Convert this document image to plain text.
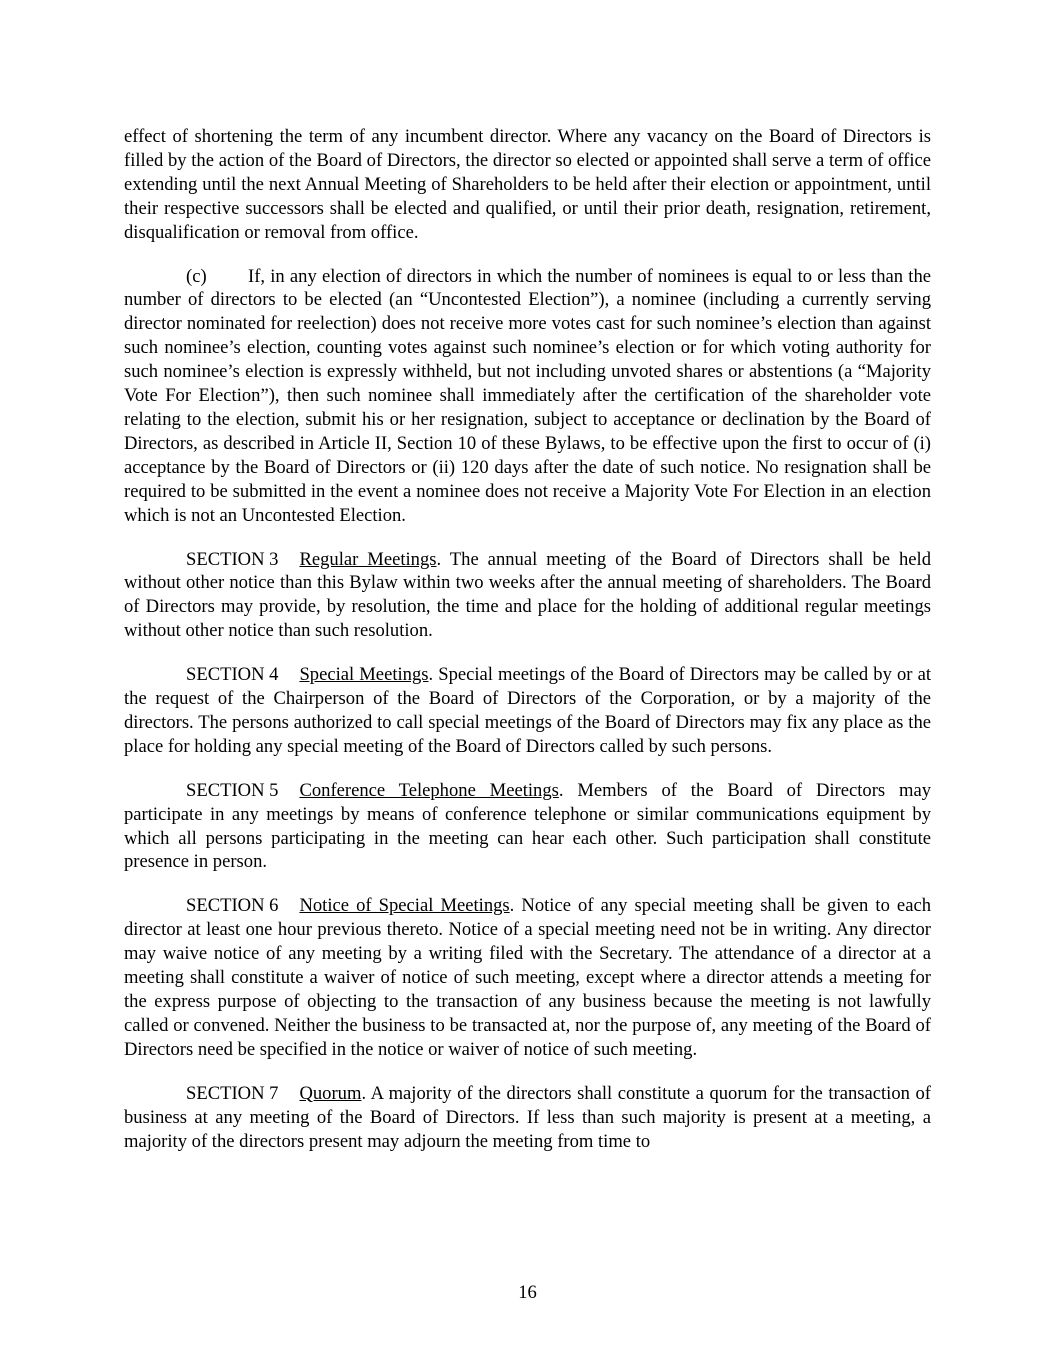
effect of shortening the term of any incumbent director. Where any vacancy on the Board of Directors is filled by the action of the Board of Directors, the director so elected or appointed shall serve a term of office extending until the next Annual Meeting of Shareholders to be held after their election or appointment, until their respective successors shall be elected and qualified, or until their prior death, resignation, retirement, disqualification or removal from office.

(c) If, in any election of directors in which the number of nominees is equal to or less than the number of directors to be elected (an “Uncontested Election”), a nominee (including a currently serving director nominated for reelection) does not receive more votes cast for such nominee’s election than against such nominee’s election, counting votes against such nominee’s election or for which voting authority for such nominee’s election is expressly withheld, but not including unvoted shares or abstentions (a “Majority Vote For Election”), then such nominee shall immediately after the certification of the shareholder vote relating to the election, submit his or her resignation, subject to acceptance or declination by the Board of Directors, as described in Article II, Section 10 of these Bylaws, to be effective upon the first to occur of (i) acceptance by the Board of Directors or (ii) 120 days after the date of such notice. No resignation shall be required to be submitted in the event a nominee does not receive a Majority Vote For Election in an election which is not an Uncontested Election.

SECTION 3 Regular Meetings. The annual meeting of the Board of Directors shall be held without other notice than this Bylaw within two weeks after the annual meeting of shareholders. The Board of Directors may provide, by resolution, the time and place for the holding of additional regular meetings without other notice than such resolution.

SECTION 4 Special Meetings. Special meetings of the Board of Directors may be called by or at the request of the Chairperson of the Board of Directors of the Corporation, or by a majority of the directors. The persons authorized to call special meetings of the Board of Directors may fix any place as the place for holding any special meeting of the Board of Directors called by such persons.

SECTION 5 Conference Telephone Meetings. Members of the Board of Directors may participate in any meetings by means of conference telephone or similar communications equipment by which all persons participating in the meeting can hear each other. Such participation shall constitute presence in person.

SECTION 6 Notice of Special Meetings. Notice of any special meeting shall be given to each director at least one hour previous thereto. Notice of a special meeting need not be in writing. Any director may waive notice of any meeting by a writing filed with the Secretary. The attendance of a director at a meeting shall constitute a waiver of notice of such meeting, except where a director attends a meeting for the express purpose of objecting to the transaction of any business because the meeting is not lawfully called or convened. Neither the business to be transacted at, nor the purpose of, any meeting of the Board of Directors need be specified in the notice or waiver of notice of such meeting.

SECTION 7 Quorum. A majority of the directors shall constitute a quorum for the transaction of business at any meeting of the Board of Directors. If less than such majority is present at a meeting, a majority of the directors present may adjourn the meeting from time to

16
